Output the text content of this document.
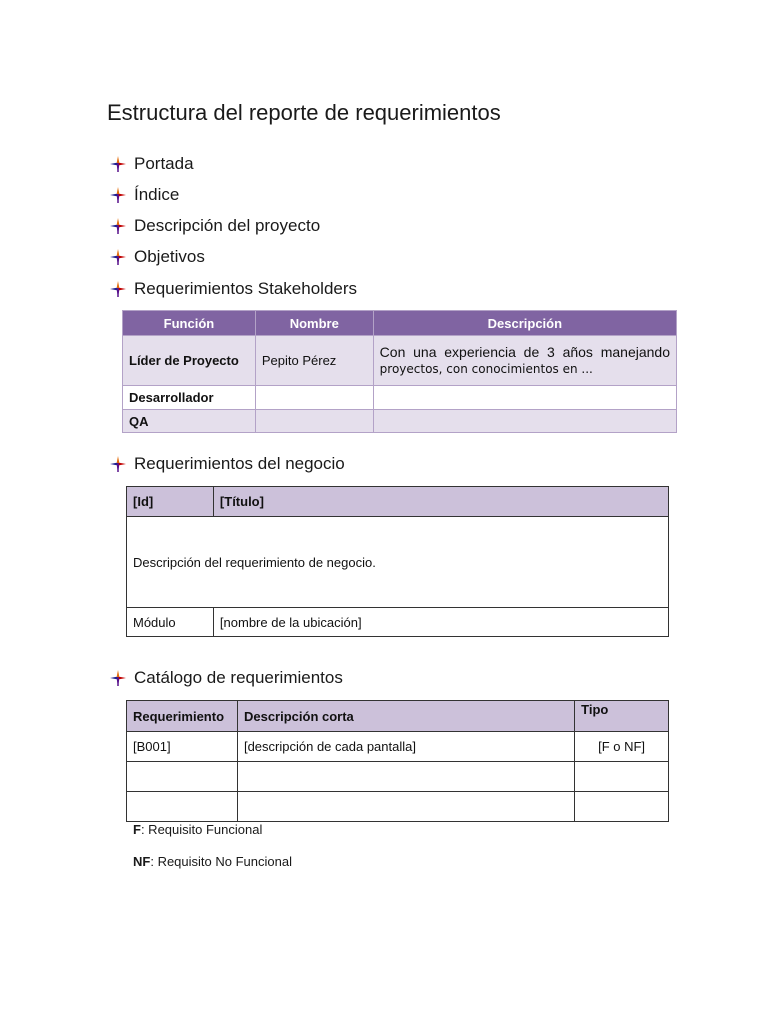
Estructura del reporte de requerimientos
Portada
Índice
Descripción del proyecto
Objetivos
Requerimientos Stakeholders
Función	Nombre	Descripción
Líder de Proyecto	Pepito Pérez	Con una experiencia de 3 años manejando
proyectos, con conocimientos en ...

Desarrollador		
QA		
Requerimientos del negocio
[Id]	[Título]
Descripción del requerimiento de negocio.	
Módulo	[nombre de la ubicación]
Catálogo de requerimientos
Requerimiento	Descripción corta	Tipo
[B001]	[descripción de cada pantalla]	[F o NF]

F: Requisito Funcional
NF: Requisito No Funcional
